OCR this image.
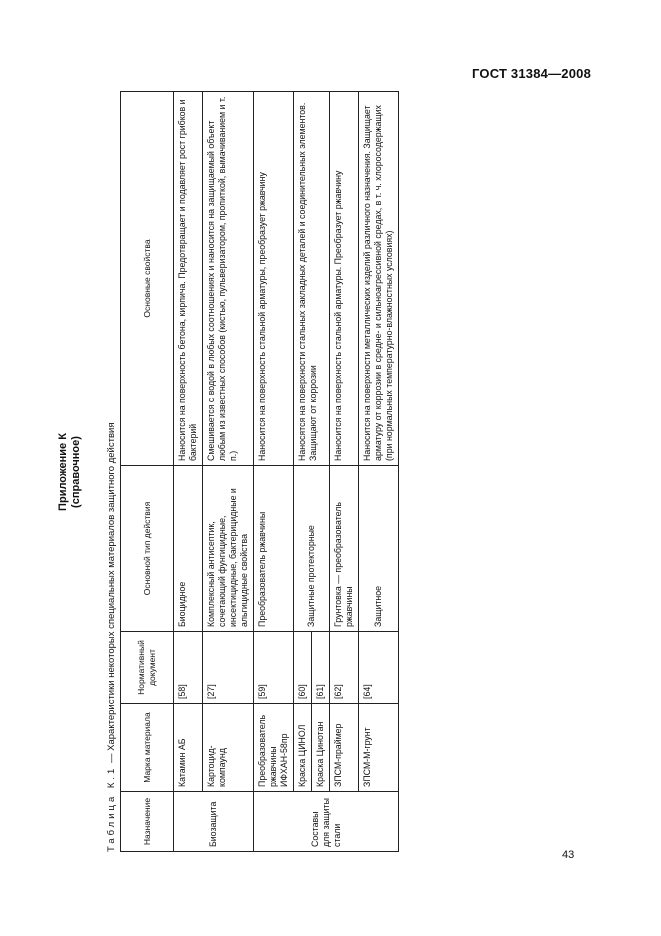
ГОСТ 31384—2008
Приложение К (справочное)
Таблица К.1 — Характеристики некоторых специальных материалов защитного действия
Назначение	Марка материала	Нормативный документ	Основной тип действия	Основные свойства
Биозащита	Катамин АБ	[58]	Биоцидное	Наносится на поверхность бетона, кирпича. Предотвращает и подавляет рост грибков и бактерий
	Картоцид-компаунд	[27]	Комплексный антисептик, сочетающий фунгицидные, инсектицидные, бактерицидные и альгицидные свойства	Смешивается с водой в любых соотношениях и наносится на защищаемый объект любым из известных способов (кистью, пульверизатором, пропиткой, вымачиванием и т. п.)
Составы для защиты стали	Преобразователь ржавчины ИФХАН-58пр	[59]	Преобразователь ржавчины	Наносится на поверхность стальной арматуры, преобразует ржавчину
	Краска ЦИНОЛ	[60]	Защитные протекторные	Наносятся на поверхности стальных закладных деталей и соединительных элементов. Защищают от коррозии
	Краска Цинотан	[61]		
	ЗПСМ-праймер	[62]	Грунтовка — преобразователь ржавчины	Наносится на поверхность стальной арматуры. Преобразует ржавчину
	ЗПСМ-М-грунт	[64]	Защитное	Наносится на поверхности металлических изделий различного назначения. Защищает арматуру от коррозии в средне- и сильноагрессивной средах, в т. ч. хлоросодержащих (при нормальных температурно-влажностных условиях)
43
